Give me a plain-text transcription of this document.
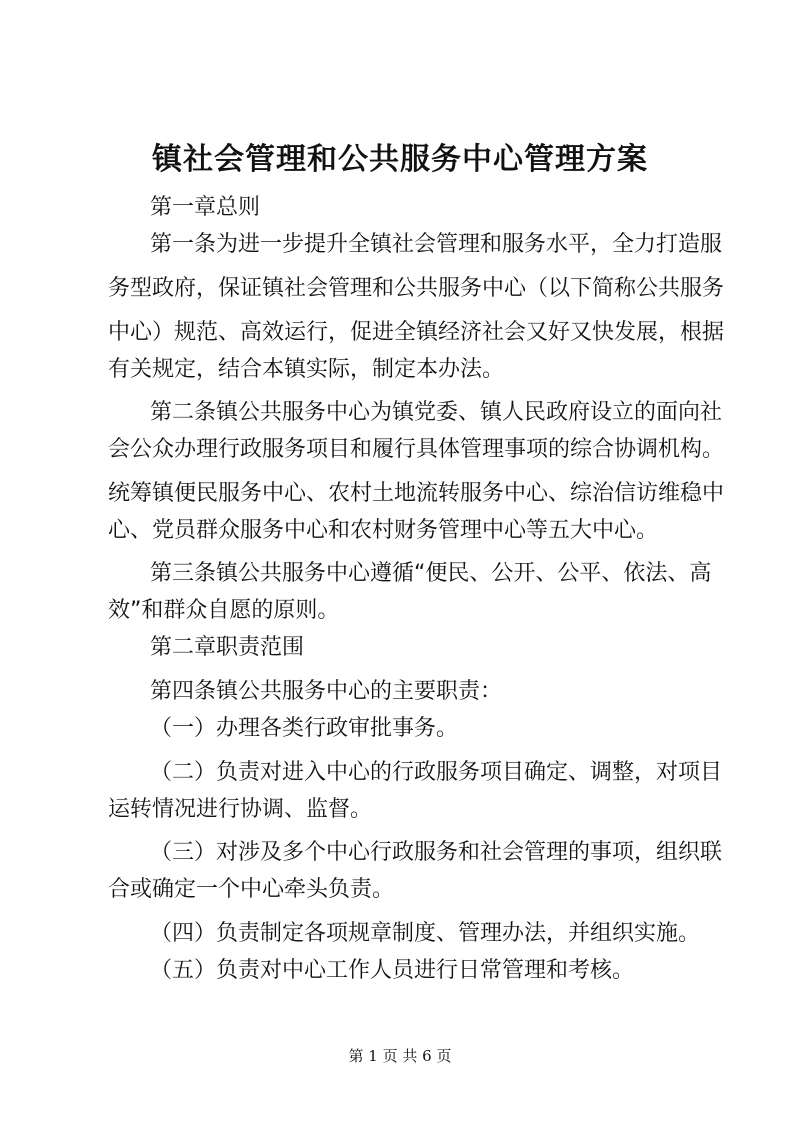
镇社会管理和公共服务中心管理方案
第一章总则
第一条为进一步提升全镇社会管理和服务水平，全力打造服
务型政府，保证镇社会管理和公共服务中心（以下简称公共服务
中心）规范、高效运行，促进全镇经济社会又好又快发展，根据
有关规定，结合本镇实际，制定本办法。
第二条镇公共服务中心为镇党委、镇人民政府设立的面向社
会公众办理行政服务项目和履行具体管理事项的综合协调机构。
统筹镇便民服务中心、农村土地流转服务中心、综治信访维稳中
心、党员群众服务中心和农村财务管理中心等五大中心。
第三条镇公共服务中心遵循“便民、公开、公平、依法、高
效”和群众自愿的原则。
第二章职责范围
第四条镇公共服务中心的主要职责：
（一）办理各类行政审批事务。
（二）负责对进入中心的行政服务项目确定、调整，对项目
运转情况进行协调、监督。
（三）对涉及多个中心行政服务和社会管理的事项，组织联
合或确定一个中心牵头负责。
（四）负责制定各项规章制度、管理办法，并组织实施。
（五）负责对中心工作人员进行日常管理和考核。
第 1 页 共 6 页
